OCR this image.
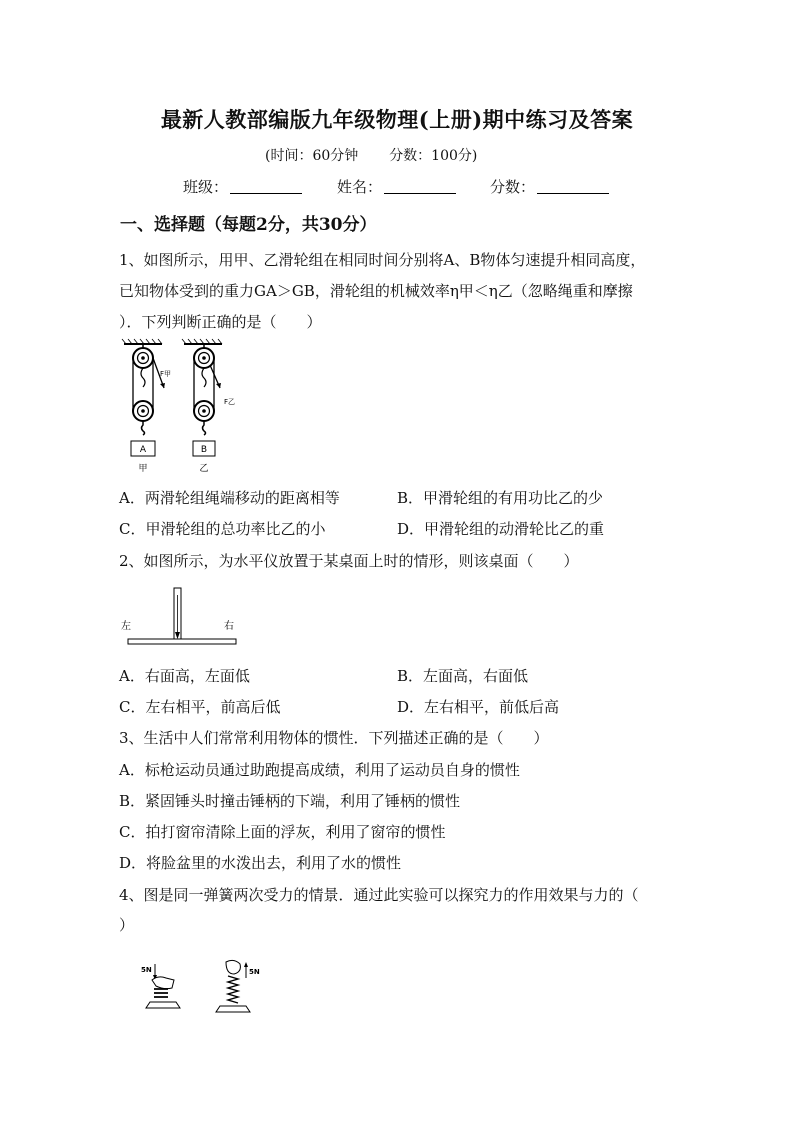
最新人教部编版九年级物理(上册)期中练习及答案
(时间：60分钟 分数：100分)
班级：	姓名：	分数：
一、选择题（每题2分，共30分）
1、如图所示，用甲、乙滑轮组在相同时间分别将A、B物体匀速提升相同高度，
已知物体受到的重力GA＞GB，滑轮组的机械效率η甲＜η乙（忽略绳重和摩擦
）．下列判断正确的是（　　）
F甲
A
甲
F乙
B
乙
A．两滑轮组绳端移动的距离相等	B．甲滑轮组的有用功比乙的少
C．甲滑轮组的总功率比乙的小	D．甲滑轮组的动滑轮比乙的重
2、如图所示，为水平仪放置于某桌面上时的情形，则该桌面（　　）
左	右
A．右面高，左面低	B．左面高，右面低
C．左右相平，前高后低	D．左右相平，前低后高
3、生活中人们常常利用物体的惯性．下列描述正确的是（　　）
A．标枪运动员通过助跑提高成绩，利用了运动员自身的惯性
B．紧固锤头时撞击锤柄的下端，利用了锤柄的惯性
C．拍打窗帘清除上面的浮灰，利用了窗帘的惯性
D．将脸盆里的水泼出去，利用了水的惯性
4、图是同一弹簧两次受力的情景．通过此实验可以探究力的作用效果与力的（
）
5N	5N
